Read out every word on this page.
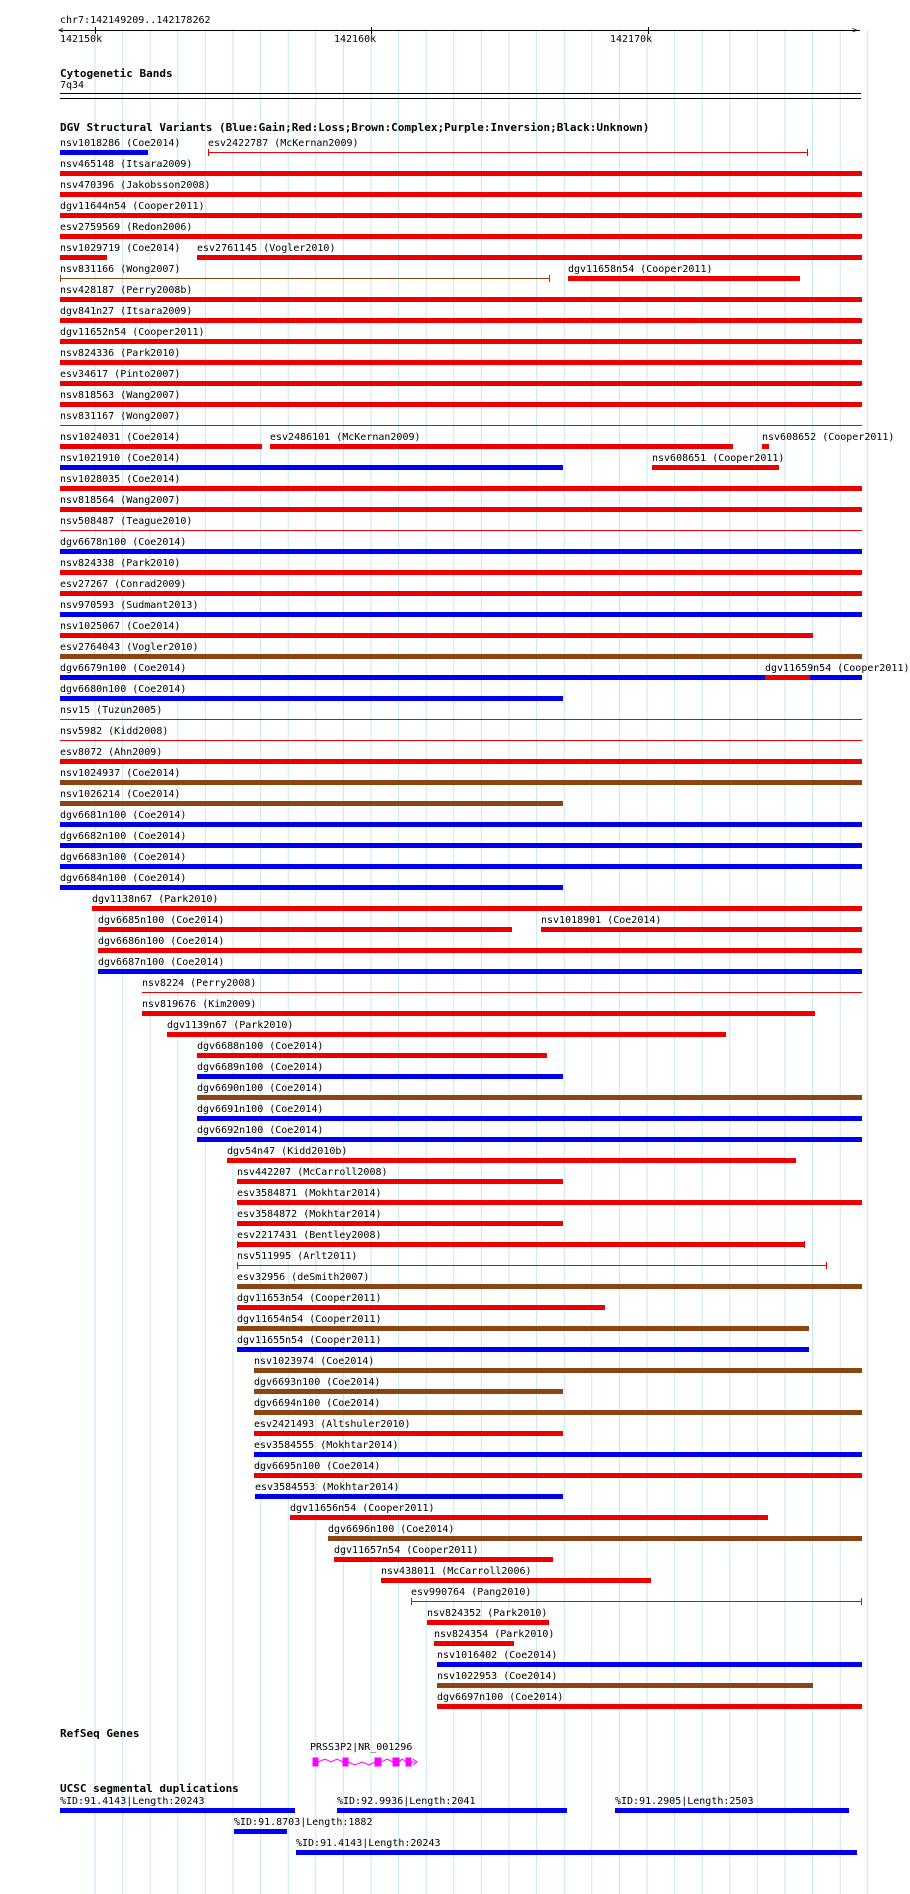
chr7:142149209..142178262
<	>
142150k	142160k	142170k
Cytogenetic Bands
7q34
DGV Structural Variants (Blue:Gain;Red:Loss;Brown:Complex;Purple:Inversion;Black:Unknown)
nsv1018286 (Coe2014)	esv2422787 (McKernan2009)
nsv465148 (Itsara2009)
nsv470396 (Jakobsson2008)
dgv11644n54 (Cooper2011)
esv2759569 (Redon2006)
nsv1029719 (Coe2014) esv2761145 (Vogler2010)
nsv831166 (Wong2007)	dgv11658n54 (Cooper2011)
nsv428187 (Perry2008b)
dgv841n27 (Itsara2009)
dgv11652n54 (Cooper2011)
nsv824336 (Park2010)
esv34617 (Pinto2007)
nsv818563 (Wang2007)
nsv831167 (Wong2007)
nsv1024031 (Coe2014)	esv2486101 (McKernan2009)	nsv608652 (Cooper2011)
nsv1021910 (Coe2014)	nsv608651 (Cooper2011)
nsv1028035 (Coe2014)
nsv818564 (Wang2007)
nsv508487 (Teague2010)
dgv6678n100 (Coe2014)
nsv824338 (Park2010)
esv27267 (Conrad2009)
nsv970593 (Sudmant2013)
nsv1025067 (Coe2014)
esv2764043 (Vogler2010)
dgv6679n100 (Coe2014)	dgv11659n54 (Cooper2011)
dgv6680n100 (Coe2014)
nsv15 (Tuzun2005)
nsv5982 (Kidd2008)
esv8072 (Ahn2009)
nsv1024937 (Coe2014)
nsv1026214 (Coe2014)
dgv6681n100 (Coe2014)
dgv6682n100 (Coe2014)
dgv6683n100 (Coe2014)
dgv6684n100 (Coe2014)
dgv1138n67 (Park2010)
dgv6685n100 (Coe2014)	nsv1018901 (Coe2014)
dgv6686n100 (Coe2014)
dgv6687n100 (Coe2014)
nsv8224 (Perry2008)
nsv819676 (Kim2009)
dgv1139n67 (Park2010)
dgv6688n100 (Coe2014)
dgv6689n100 (Coe2014)
dgv6690n100 (Coe2014)
dgv6691n100 (Coe2014)
dgv6692n100 (Coe2014)
dgv54n47 (Kidd2010b)
nsv442207 (McCarroll2008)
esv3584871 (Mokhtar2014)
esv3584872 (Mokhtar2014)
esv2217431 (Bentley2008)
nsv511995 (Arlt2011)
esv32956 (deSmith2007)
dgv11653n54 (Cooper2011)
dgv11654n54 (Cooper2011)
dgv11655n54 (Cooper2011)
nsv1023974 (Coe2014)
dgv6693n100 (Coe2014)
dgv6694n100 (Coe2014)
esv2421493 (Altshuler2010)
esv3584555 (Mokhtar2014)
dgv6695n100 (Coe2014)
esv3584553 (Mokhtar2014)
dgv11656n54 (Cooper2011)
dgv6696n100 (Coe2014)
dgv11657n54 (Cooper2011)
nsv438011 (McCarroll2006)
esv990764 (Pang2010)
nsv824352 (Park2010)
nsv824354 (Park2010)
nsv1016402 (Coe2014)
nsv1022953 (Coe2014)
dgv6697n100 (Coe2014)
RefSeq Genes
PRSS3P2|NR_001296
UCSC segmental duplications
%ID:91.4143|Length:20243	%ID:92.9936|Length:2041	%ID:91.2905|Length:2503
%ID:91.8703|Length:1882
%ID:91.4143|Length:20243
